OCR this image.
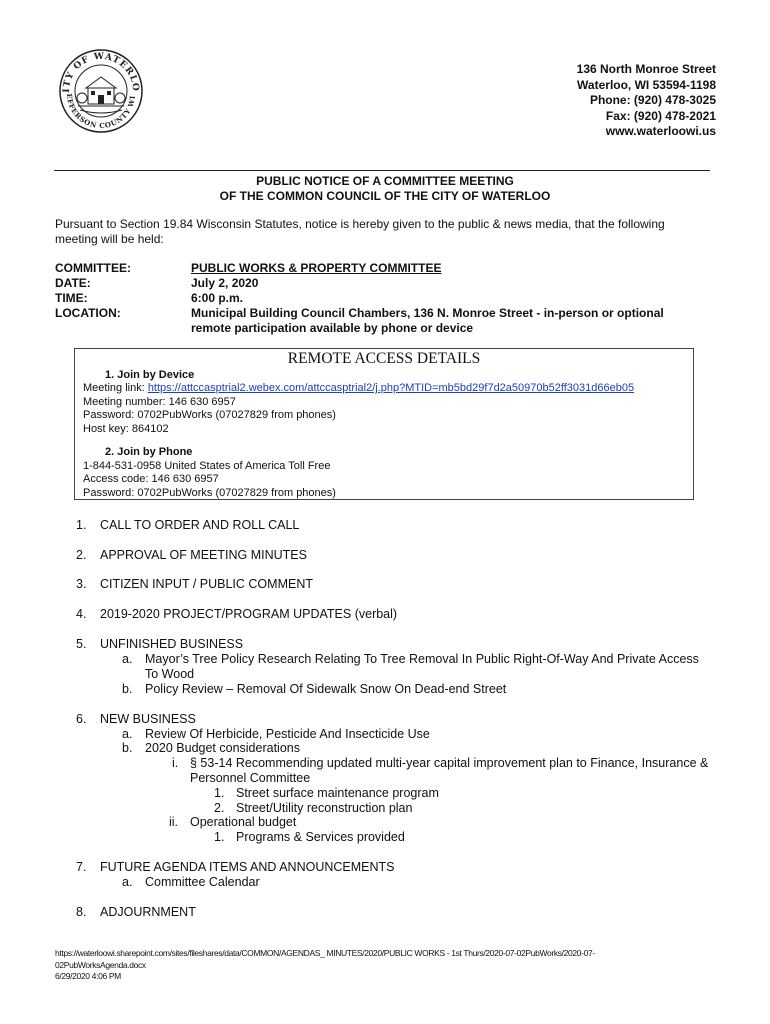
ITY OF WATERLO
EFFERSON COUNTY WI
136 North Monroe Street
Waterloo, WI 53594-1198
Phone: (920) 478-3025
Fax: (920) 478-2021
www.waterloowi.us
PUBLIC NOTICE OF A COMMITTEE MEETING
OF THE COMMON COUNCIL OF THE CITY OF WATERLOO
Pursuant to Section 19.84 Wisconsin Statutes, notice is hereby given to the public & news media, that the following
meeting will be held:
COMMITTEE:	PUBLIC WORKS & PROPERTY COMMITTEE
DATE:	July 2, 2020
TIME:	6:00 p.m.
LOCATION:	Municipal Building Council Chambers, 136 N. Monroe Street - in-person or optional
remote participation available by phone or device
REMOTE ACCESS DETAILS
1. Join by Device
Meeting link: https://attccasptrial2.webex.com/attccasptrial2/j.php?MTID=mb5bd29f7d2a50970b52ff3031d66eb05
Meeting number: 146 630 6957
Password: 0702PubWorks (07027829 from phones)
Host key: 864102
2. Join by Phone
1-844-531-0958 United States of America Toll Free
Access code: 146 630 6957
Password: 0702PubWorks (07027829 from phones)
1. CALL TO ORDER AND ROLL CALL
2. APPROVAL OF MEETING MINUTES
3. CITIZEN INPUT / PUBLIC COMMENT
4. 2019-2020 PROJECT/PROGRAM UPDATES (verbal)
5. UNFINISHED BUSINESS
a. Mayor’s Tree Policy Research Relating To Tree Removal In Public Right-Of-Way And Private Access
To Wood
b. Policy Review – Removal Of Sidewalk Snow On Dead-end Street
6. NEW BUSINESS
a. Review Of Herbicide, Pesticide And Insecticide Use
b. 2020 Budget considerations
i. § 53-14 Recommending updated multi-year capital improvement plan to Finance, Insurance &
Personnel Committee
1. Street surface maintenance program
2. Street/Utility reconstruction plan
ii. Operational budget
1. Programs & Services provided
7. FUTURE AGENDA ITEMS AND ANNOUNCEMENTS
a. Committee Calendar
8. ADJOURNMENT
https://waterloowi.sharepoint.com/sites/fileshares/data/COMMON/AGENDAS_ MINUTES/2020/PUBLIC WORKS - 1st Thurs/2020-07-02PubWorks/2020-07-
02PubWorksAgenda.docx
6/29/2020 4:06 PM
